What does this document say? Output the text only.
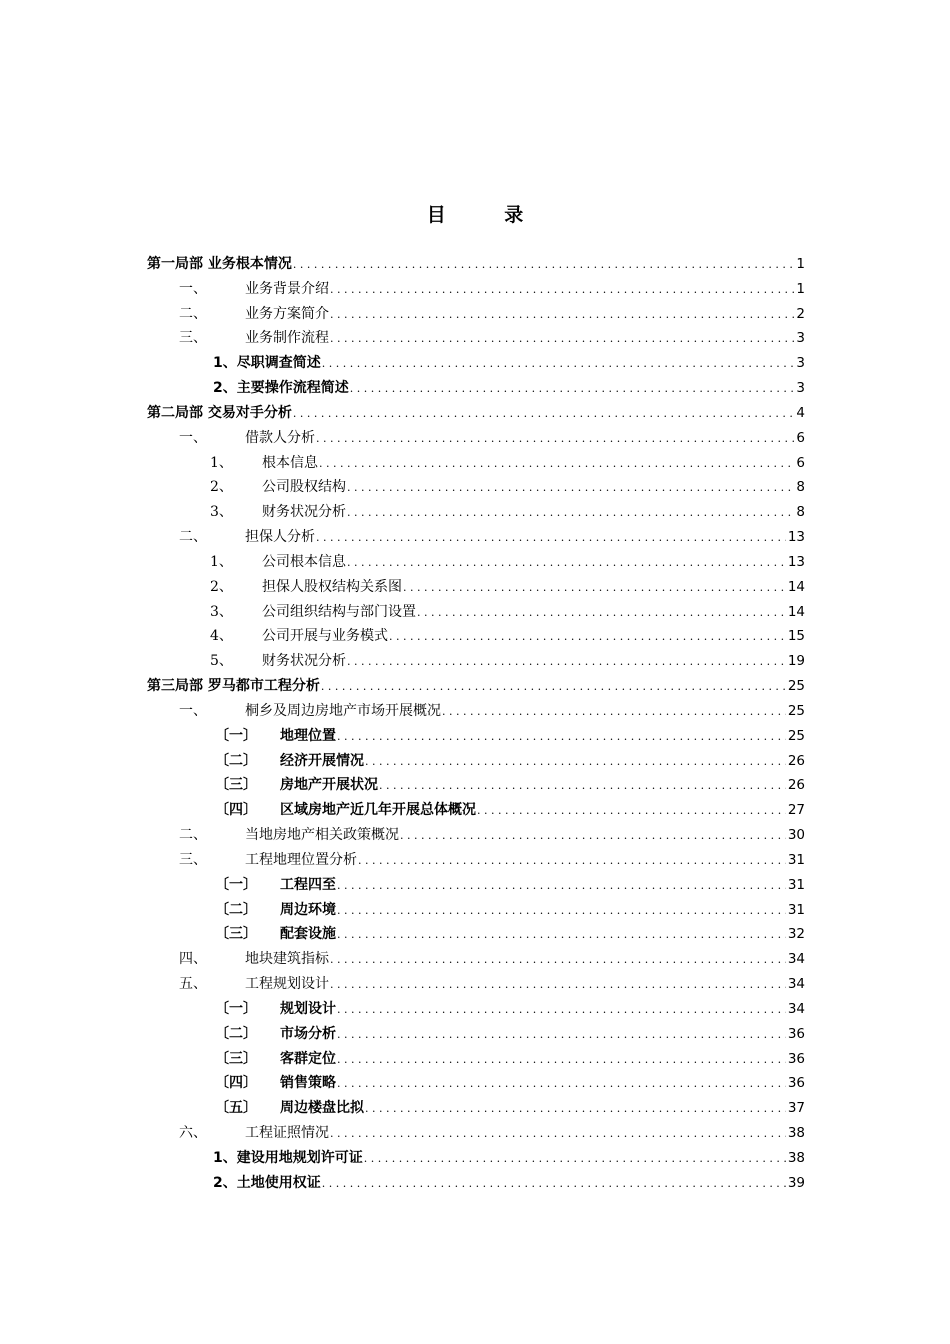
目 录
第一局部 业务根本情况 . . .	1
一、	业务背景介绍 . . .	1
二、	业务方案简介 . . .	2
三、	业务制作流程 . . .	3
1、尽职调查简述 . . .	3
2、主要操作流程简述 . . .	3
第二局部 交易对手分析 . . .	4
一、	借款人分析 . . .	6
1、	根本信息 . . .	6
2、	公司股权结构 . . .	8
3、	财务状况分析 . . .	8
二、	担保人分析 . . .	13
1、	公司根本信息 . . .	13
2、	担保人股权结构关系图 . . .	14
3、	公司组织结构与部门设置 . . .	14
4、	公司开展与业务模式 . . .	15
5、	财务状况分析 . . .	19
第三局部 罗马都市工程分析 . . .	25
一、	桐乡及周边房地产市场开展概况 . . .	25
〔一〕	地理位置 . . .	25
〔二〕	经济开展情况 . . .	26
〔三〕	房地产开展状况 . . .	26
〔四〕	区域房地产近几年开展总体概况 . . .	27
二、	当地房地产相关政策概况 . . .	30
三、	工程地理位置分析 . . .	31
〔一〕	工程四至 . . .	31
〔二〕	周边环境 . . .	31
〔三〕	配套设施 . . .	32
四、	地块建筑指标 . . .	34
五、	工程规划设计 . . .	34
〔一〕	规划设计 . . .	34
〔二〕	市场分析 . . .	36
〔三〕	客群定位 . . .	36
〔四〕	销售策略 . . .	36
〔五〕	周边楼盘比拟 . . .	37
六、	工程证照情况 . . .	38
1、建设用地规划许可证 . . .	38
2、土地使用权证 . . .	39
